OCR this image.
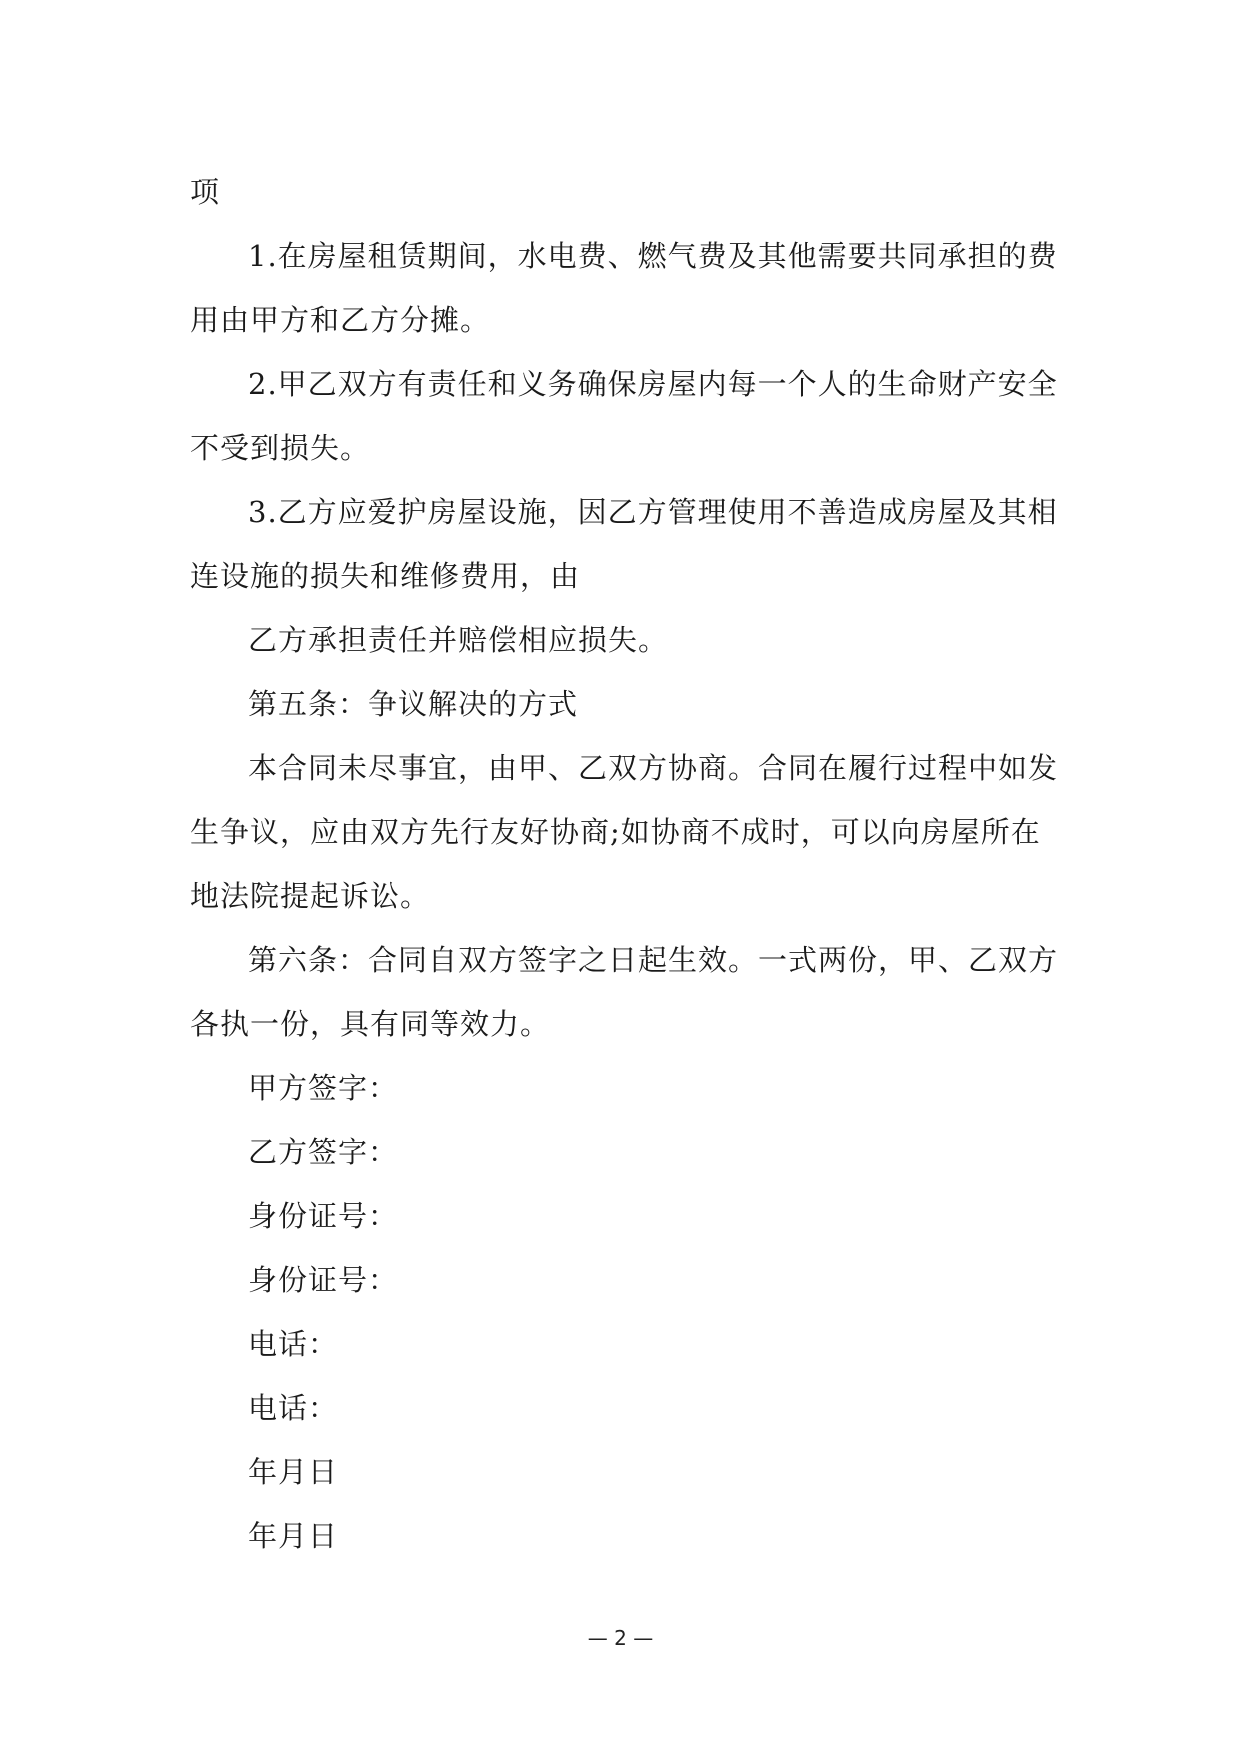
项

1.在房屋租赁期间，水电费、燃气费及其他需要共同承担的费用由甲方和乙方分摊。

2.甲乙双方有责任和义务确保房屋内每一个人的生命财产安全不受到损失。

3.乙方应爱护房屋设施，因乙方管理使用不善造成房屋及其相连设施的损失和维修费用，由

乙方承担责任并赔偿相应损失。

第五条：争议解决的方式

本合同未尽事宜，由甲、乙双方协商。合同在履行过程中如发生争议，应由双方先行友好协商;如协商不成时，可以向房屋所在地法院提起诉讼。

第六条：合同自双方签字之日起生效。一式两份，甲、乙双方各执一份，具有同等效力。

甲方签字：

乙方签字：

身份证号：

身份证号：

电话：

电话：

年月日

年月日

— 2 —
